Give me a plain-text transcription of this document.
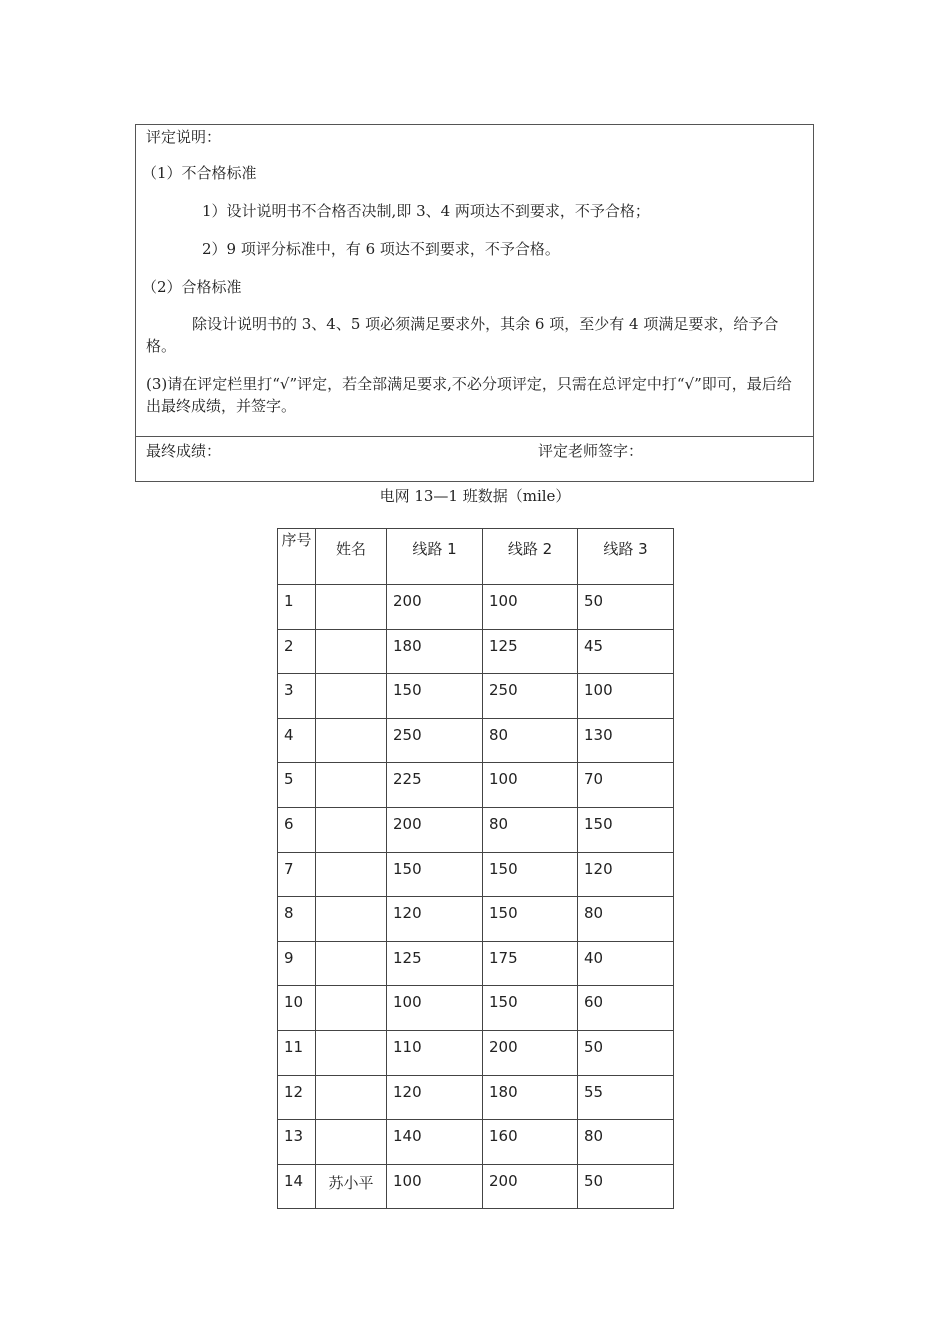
评定说明：
（1）不合格标准
1）设计说明书不合格否决制,即 3、4 两项达不到要求，不予合格；
2）9 项评分标准中，有 6 项达不到要求，不予合格。
（2）合格标准
除设计说明书的 3、4、5 项必须满足要求外，其余 6 项，至少有 4 项满足要求，给予合格。
(3)请在评定栏里打“√”评定，若全部满足要求,不必分项评定，只需在总评定中打“√”即可，最后给出最终成绩，并签字。
最终成绩：	评定老师签字：
电网 13—1 班数据（mile）
序号	姓名	线路 1	线路 2	线路 3
1		200	100	50
2		180	125	45
3		150	250	100
4		250	80	130
5		225	100	70
6		200	80	150
7		150	150	120
8		120	150	80
9		125	175	40
10		100	150	60
11		110	200	50
12		120	180	55
13		140	160	80
14	苏小平	100	200	50
